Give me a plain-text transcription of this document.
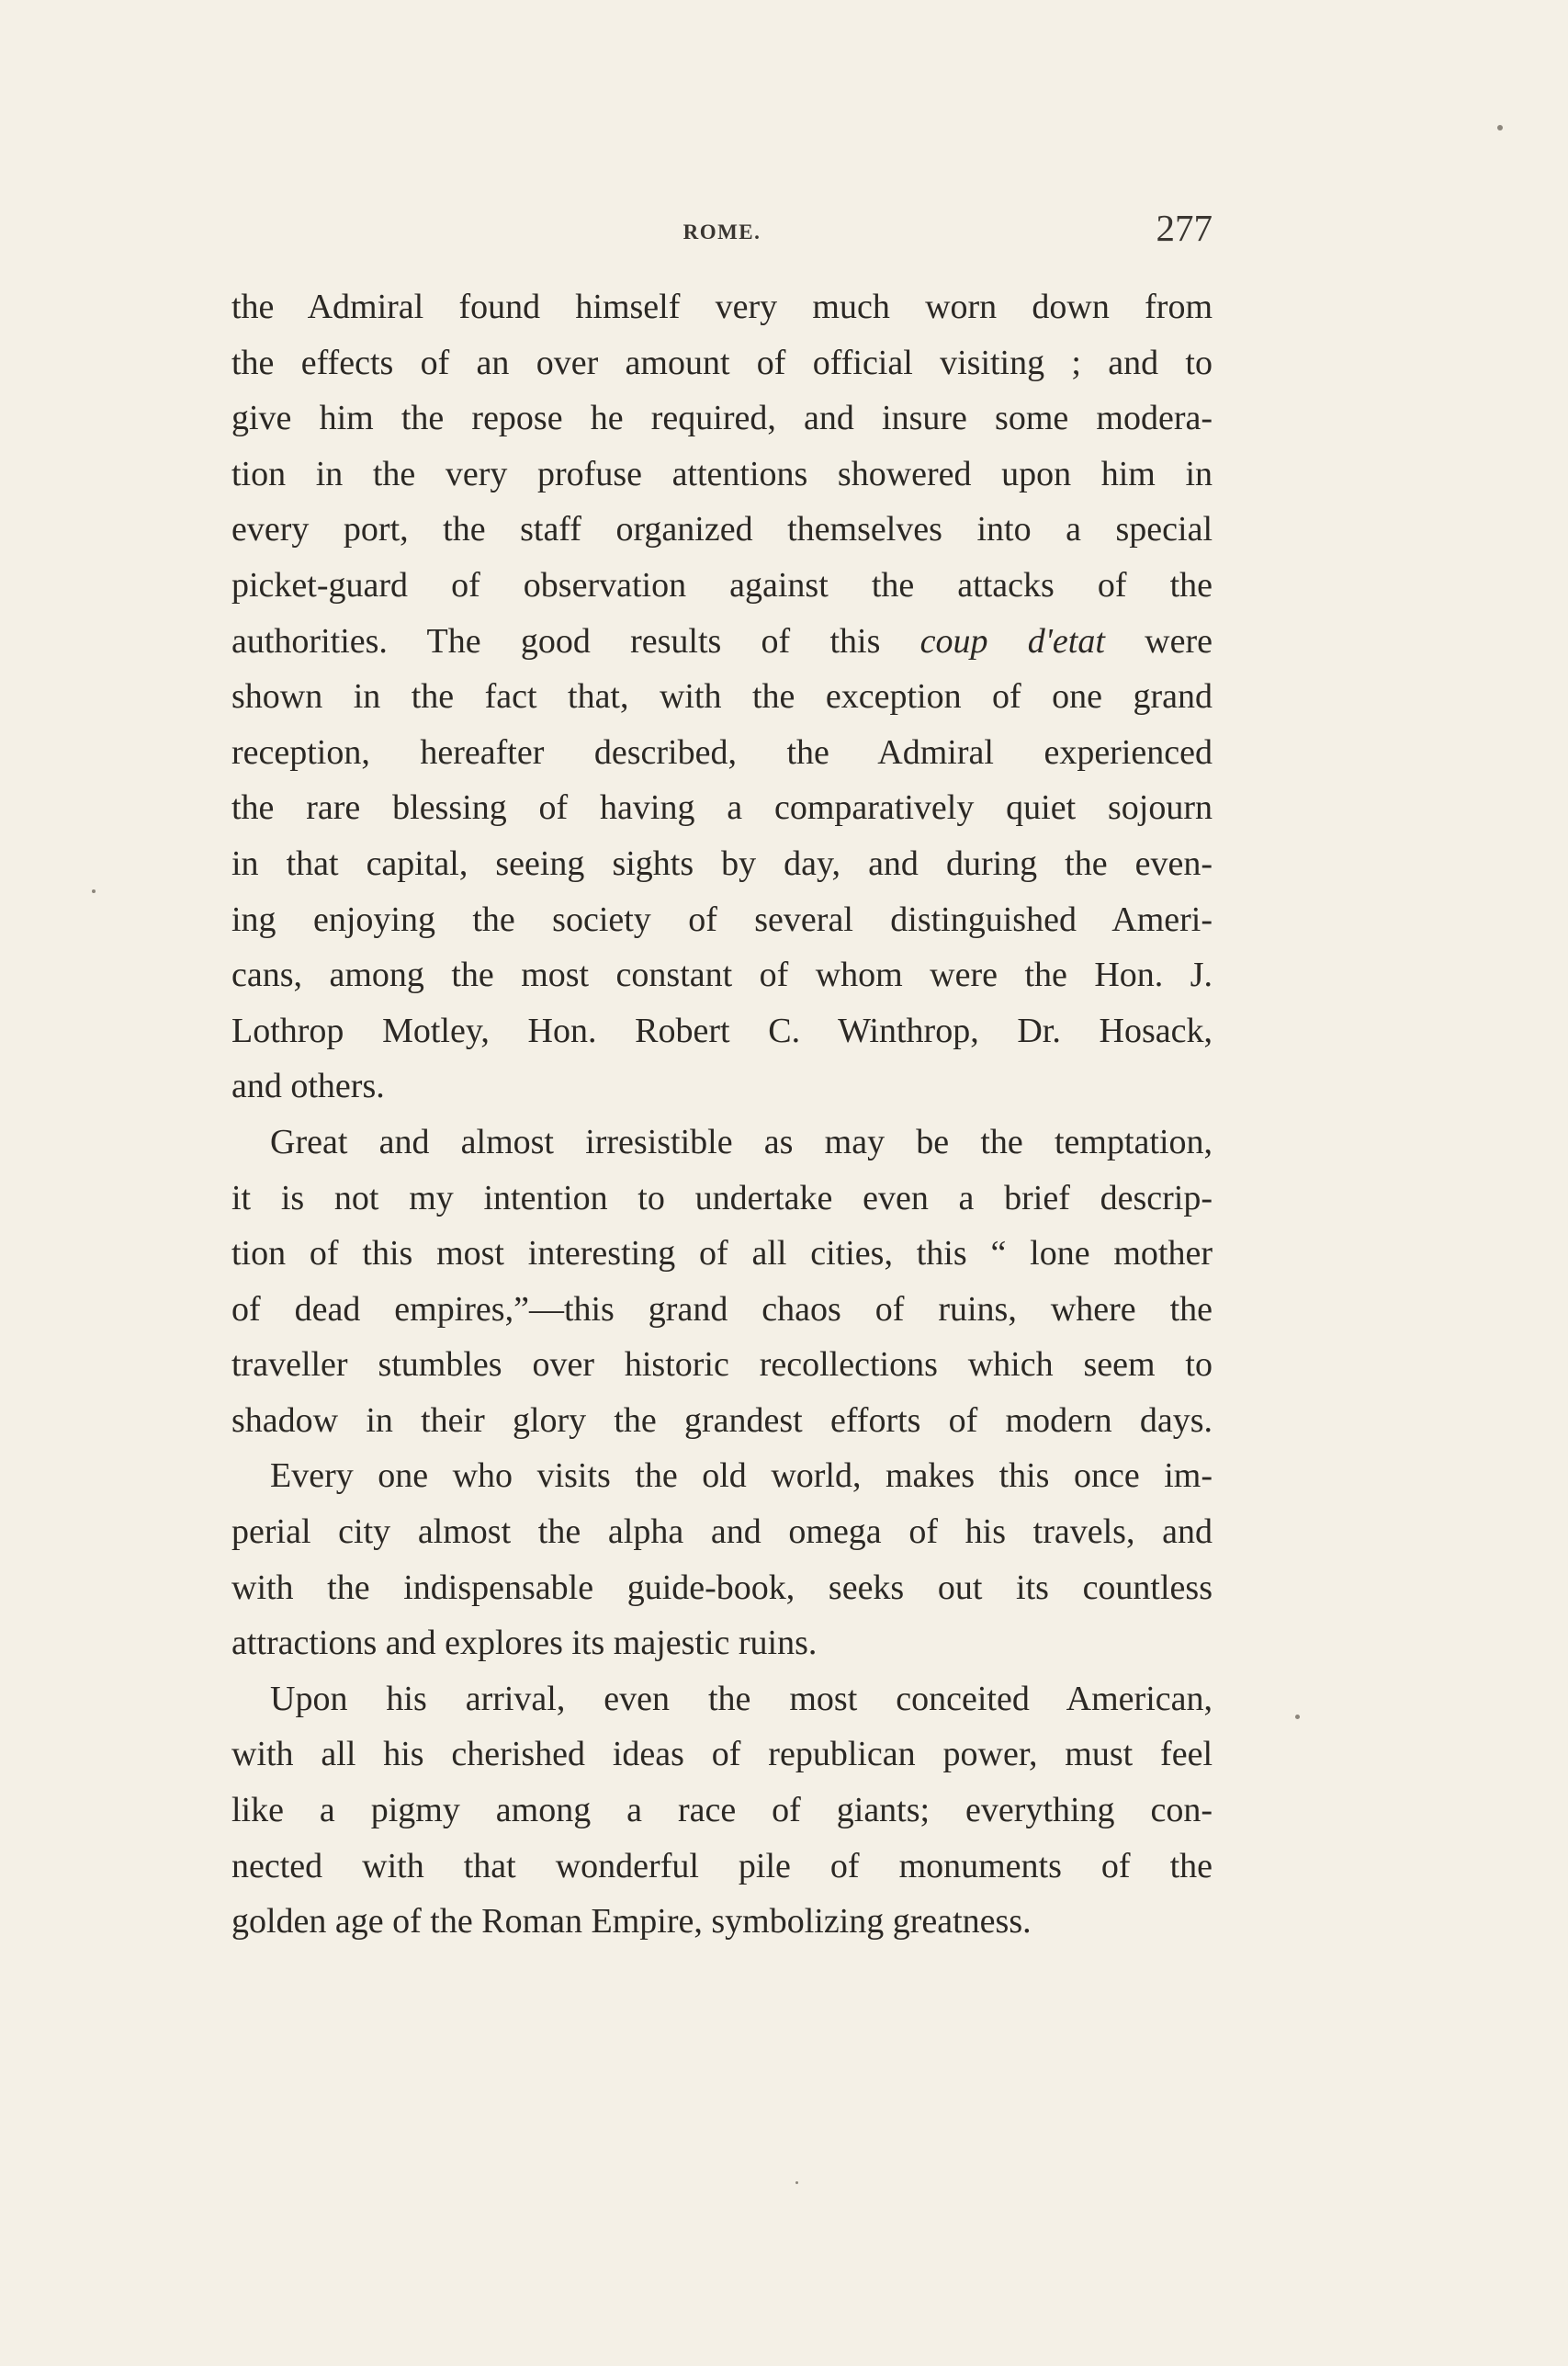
ROME.	277
the Admiral found himself very much worn down from
the effects of an over amount of official visiting ; and to
give him the repose he required, and insure some modera-
tion in the very profuse attentions showered upon him in
every port, the staff organized themselves into a special
picket-guard of observation against the attacks of the
authorities. The good results of this coup d'etat were
shown in the fact that, with the exception of one grand
reception, hereafter described, the Admiral experienced
the rare blessing of having a comparatively quiet sojourn
in that capital, seeing sights by day, and during the even-
ing enjoying the society of several distinguished Ameri-
cans, among the most constant of whom were the Hon. J.
Lothrop Motley, Hon. Robert C. Winthrop, Dr. Hosack,
and others.
Great and almost irresistible as may be the temptation,
it is not my intention to undertake even a brief descrip-
tion of this most interesting of all cities, this “ lone mother
of dead empires,”—this grand chaos of ruins, where the
traveller stumbles over historic recollections which seem to
shadow in their glory the grandest efforts of modern days.
Every one who visits the old world, makes this once im-
perial city almost the alpha and omega of his travels, and
with the indispensable guide-book, seeks out its countless
attractions and explores its majestic ruins.
Upon his arrival, even the most conceited American,
with all his cherished ideas of republican power, must feel
like a pigmy among a race of giants; everything con-
nected with that wonderful pile of monuments of the
golden age of the Roman Empire, symbolizing greatness.
